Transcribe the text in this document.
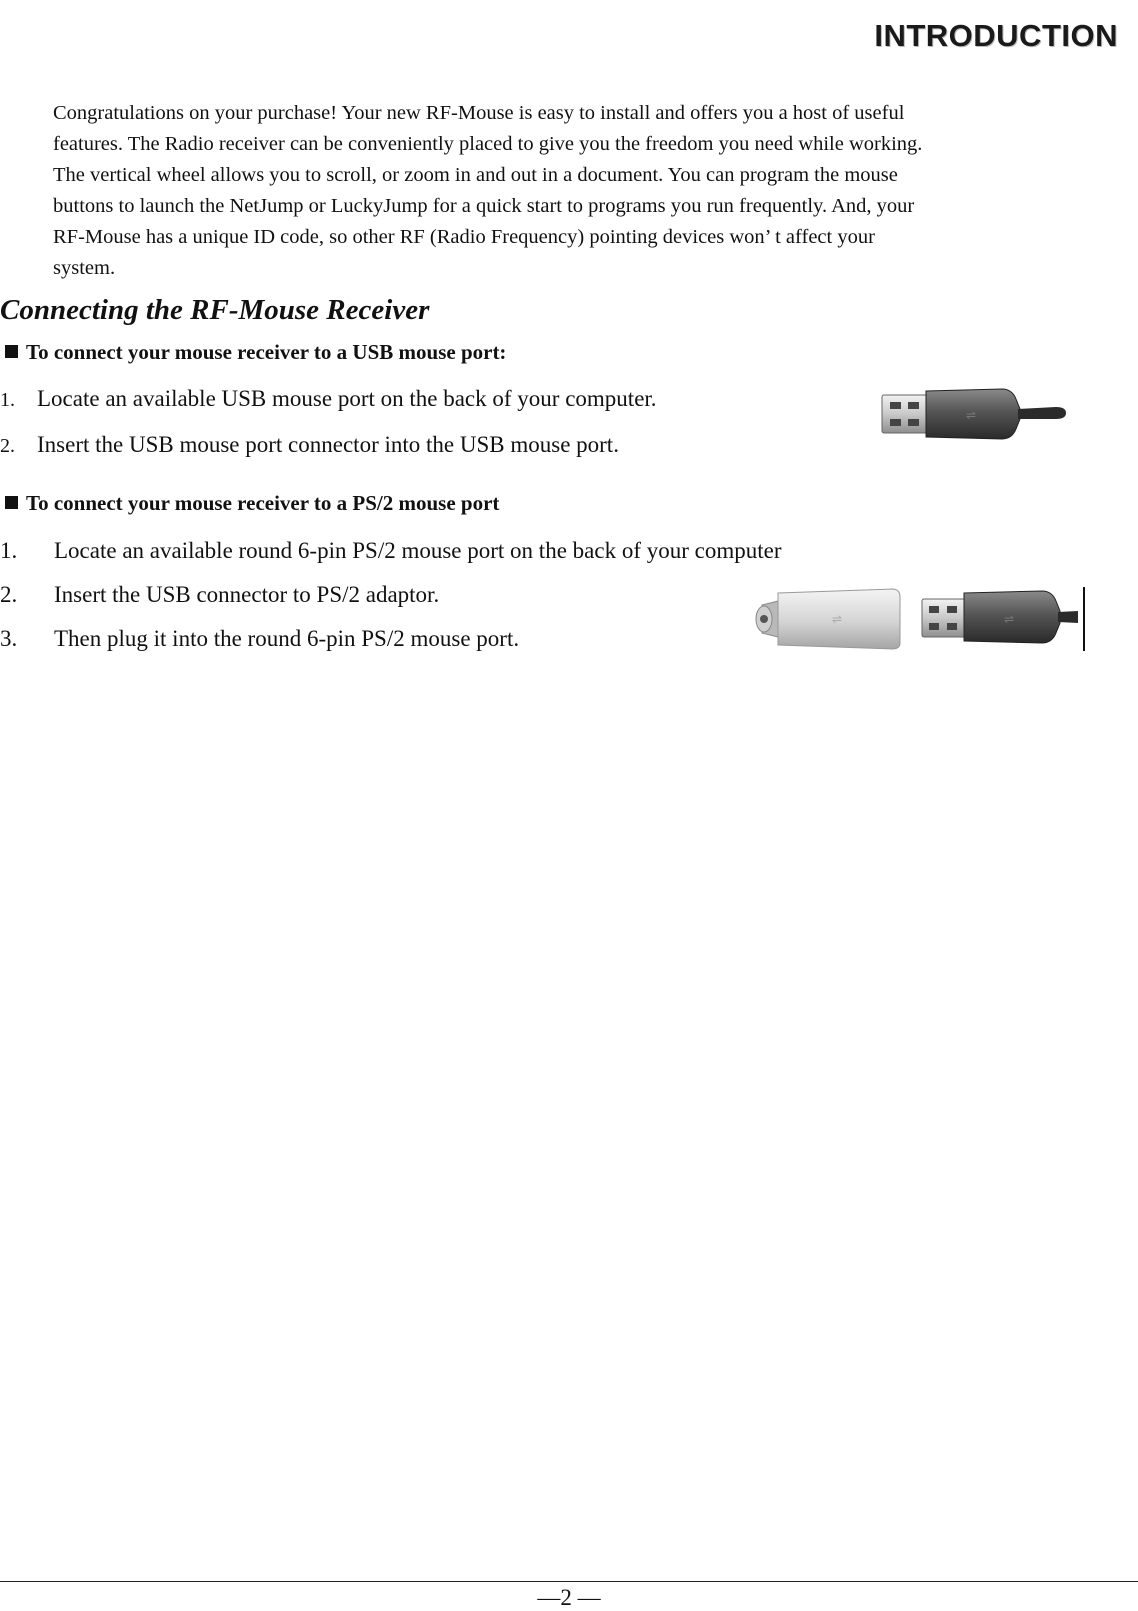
INTRODUCTION

Congratulations on your purchase! Your new RF-Mouse is easy to install and offers you a host of useful
features. The Radio receiver can be conveniently placed to give you the freedom you need while working.
The vertical wheel allows you to scroll, or zoom in and out in a document. You can program the mouse
buttons to launch the NetJump or LuckyJump for a quick start to programs you run frequently. And, your
RF-Mouse has a unique ID code, so other RF (Radio Frequency) pointing devices won’ t affect your
system.

Connecting the RF-Mouse Receiver
To connect your mouse receiver to a USB mouse port:
1. Locate an available USB mouse port on the back of your computer.
2. Insert the USB mouse port connector into the USB mouse port.
⇌
To connect your mouse receiver to a PS/2 mouse port
1. Locate an available round 6-pin PS/2 mouse port on the back of your computer
2. Insert the USB connector to PS/2 adaptor.
3. Then plug it into the round 6-pin PS/2 mouse port.
⇌	⇌
—2 —
